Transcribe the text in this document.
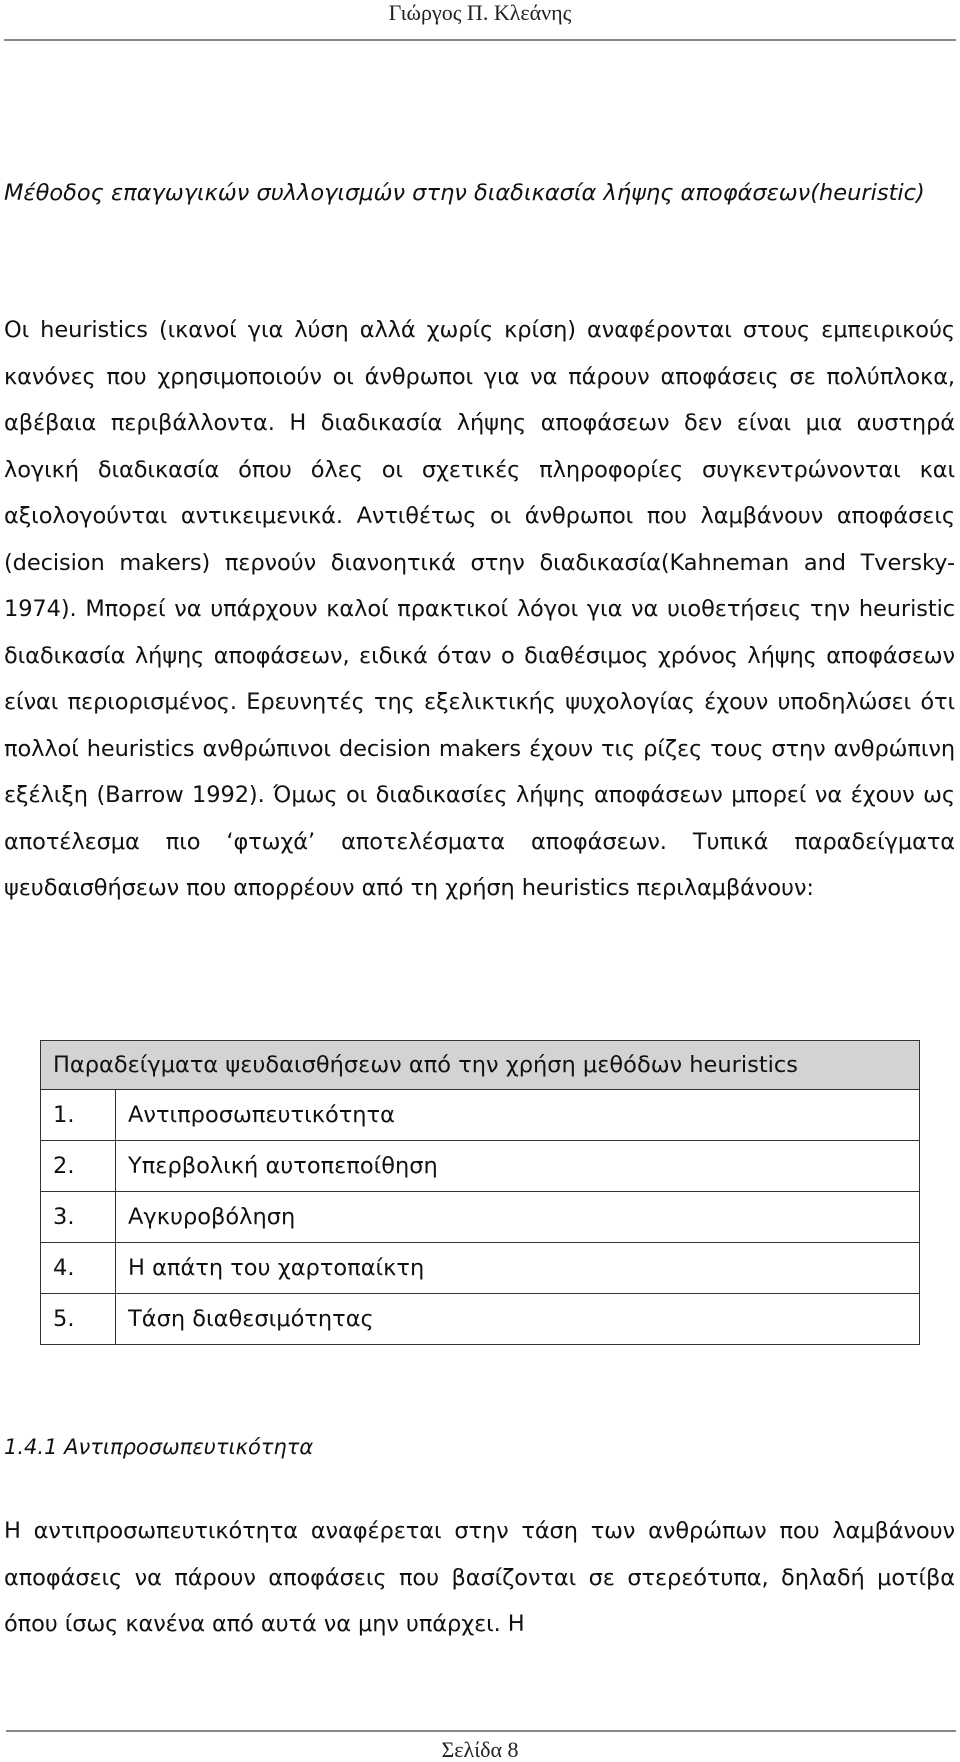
Γιώργος Π. Κλεάνης
Μέθοδος επαγωγικών συλλογισμών στην διαδικασία λήψης αποφάσεων(heuristic)
Οι heuristics (ικανοί για λύση αλλά χωρίς κρίση) αναφέρονται στους εμπειρικούς κανόνες που χρησιμοποιούν οι άνθρωποι για να πάρουν αποφάσεις σε πολύπλοκα, αβέβαια περιβάλλοντα. Η διαδικασία λήψης αποφάσεων δεν είναι μια αυστηρά λογική διαδικασία όπου όλες οι σχετικές πληροφορίες συγκεντρώνονται και αξιολογούνται αντικειμενικά. Αντιθέτως οι άνθρωποι που λαμβάνουν αποφάσεις (decision makers) περνούν διανοητικά στην διαδικασία(Kahneman and Tversky-1974). Μπορεί να υπάρχουν καλοί πρακτικοί λόγοι για να υιοθετήσεις την heuristic διαδικασία λήψης αποφάσεων, ειδικά όταν ο διαθέσιμος χρόνος λήψης αποφάσεων είναι περιορισμένος. Ερευνητές της εξελικτικής ψυχολογίας έχουν υποδηλώσει ότι πολλοί heuristics ανθρώπινοι decision makers έχουν τις ρίζες τους στην ανθρώπινη εξέλιξη (Barrow 1992). Όμως οι διαδικασίες λήψης αποφάσεων μπορεί να έχουν ως αποτέλεσμα πιο ‘φτωχά’ αποτελέσματα αποφάσεων. Τυπικά παραδείγματα ψευδαισθήσεων που απορρέουν από τη χρήση heuristics περιλαμβάνουν:
Παραδείγματα ψευδαισθήσεων από την χρήση μεθόδων heuristics	
1.	Αντιπροσωπευτικότητα
2.	Υπερβολική αυτοπεποίθηση
3.	Αγκυροβόληση
4.	Η απάτη του χαρτοπαίκτη
5.	Τάση διαθεσιμότητας
1.4.1 Αντιπροσωπευτικότητα
Η αντιπροσωπευτικότητα αναφέρεται στην τάση των ανθρώπων που λαμβάνουν αποφάσεις να πάρουν αποφάσεις που βασίζονται σε στερεότυπα, δηλαδή μοτίβα όπου ίσως κανένα από αυτά να μην υπάρχει. Η
Σελίδα 8
